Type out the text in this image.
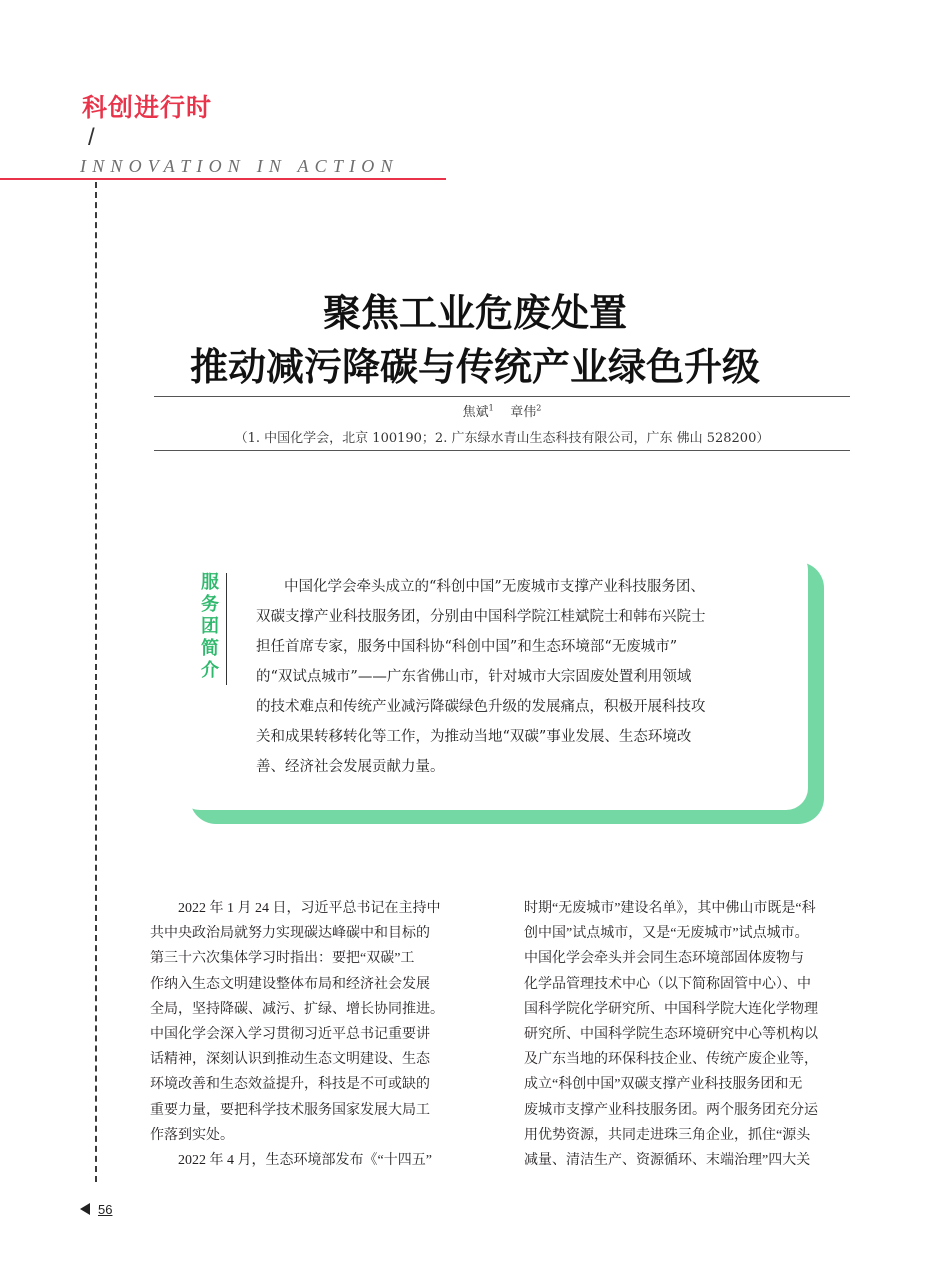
科创进行时
/
INNOVATION IN ACTION
聚焦工业危废处置
推动减污降碳与传统产业绿色升级
焦斌$^1$ 章伟$^2$
（1. 中国化学会，北京 100190；2. 广东绿水青山生态科技有限公司，广东 佛山 528200）
服
务
团
简
介

中国化学会牵头成立的“科创中国”无废城市支撑产业科技服务团、

双碳支撑产业科技服务团，分别由中国科学院江桂斌院士和韩布兴院士

担任首席专家，服务中国科协“科创中国”和生态环境部“无废城市”

的“双试点城市”——广东省佛山市，针对城市大宗固废处置利用领域

的技术难点和传统产业减污降碳绿色升级的发展痛点，积极开展科技攻

关和成果转移转化等工作，为推动当地“双碳”事业发展、生态环境改

善、经济社会发展贡献力量。

2022 年 1 月 24 日，习近平总书记在主持中

共中央政治局就努力实现碳达峰碳中和目标的

第三十六次集体学习时指出：要把“双碳”工

作纳入生态文明建设整体布局和经济社会发展

全局，坚持降碳、减污、扩绿、增长协同推进。

中国化学会深入学习贯彻习近平总书记重要讲

话精神，深刻认识到推动生态文明建设、生态

环境改善和生态效益提升，科技是不可或缺的

重要力量，要把科学技术服务国家发展大局工

作落到实处。

2022 年 4 月，生态环境部发布《“十四五”

时期“无废城市”建设名单》，其中佛山市既是“科

创中国”试点城市，又是“无废城市”试点城市。

中国化学会牵头并会同生态环境部固体废物与

化学品管理技术中心（以下简称固管中心）、中

国科学院化学研究所、中国科学院大连化学物理

研究所、中国科学院生态环境研究中心等机构以

及广东当地的环保科技企业、传统产废企业等，

成立“科创中国”双碳支撑产业科技服务团和无

废城市支撑产业科技服务团。两个服务团充分运

用优势资源，共同走进珠三角企业，抓住“源头

减量、清洁生产、资源循环、末端治理”四大关

56
